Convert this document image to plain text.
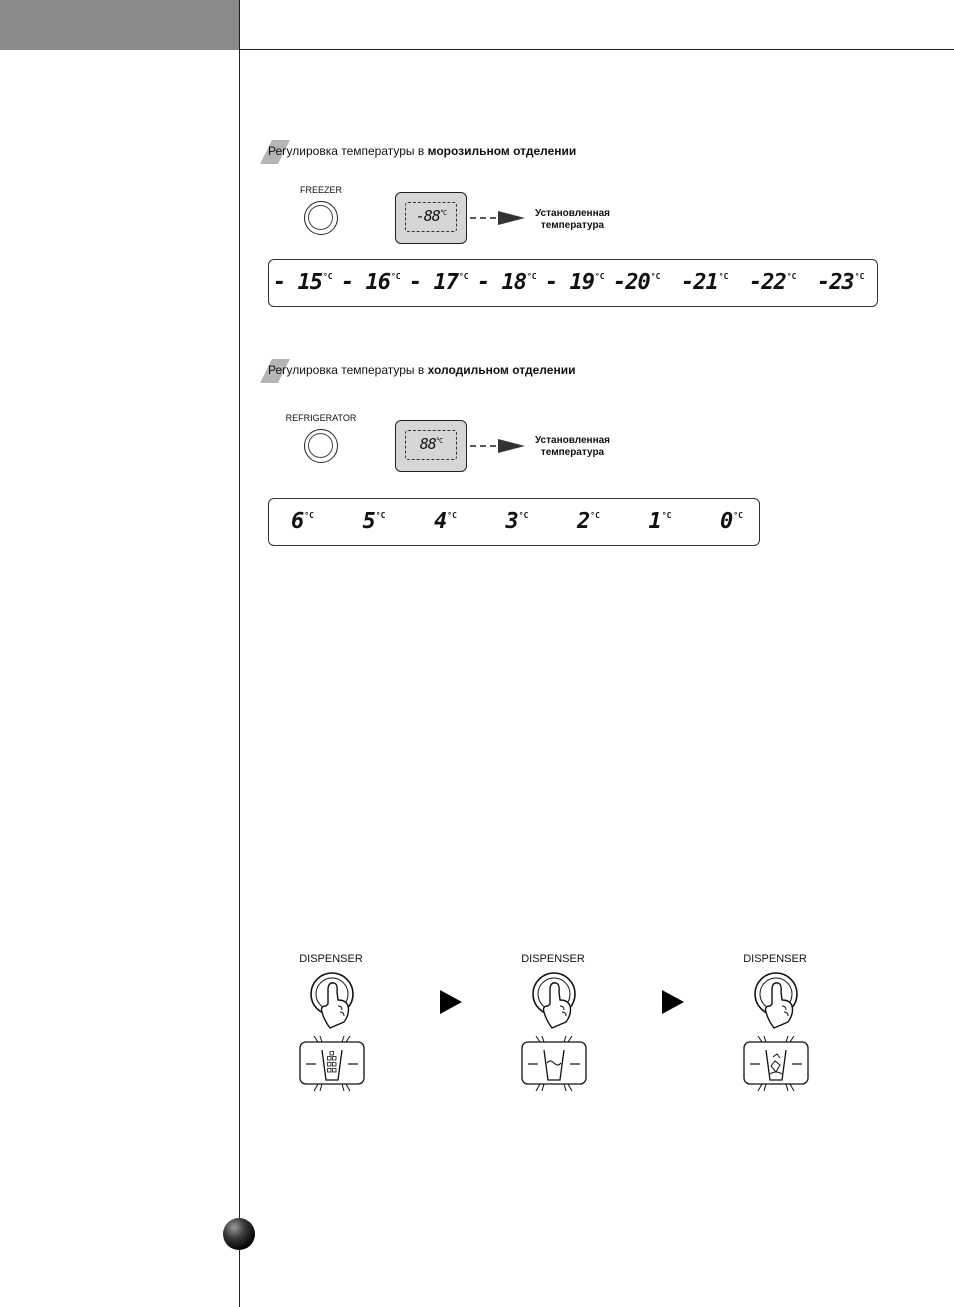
Регулировка температуры в морозильном отделении
FREEZER
$-88^{^\circ C}$	Установленная
температура
- $15^{^\circ C} - 16^{^\circ C} - 17^{^\circ C} - 18^{^\circ C} - 19^{^\circ C}$ $-20^{^\circ C}$ $-21^{^\circ C}$ $-22^{^\circ C}$ $-23^{^\circ C}$
Регулировка температуры в холодильном отделении
REFRIGERATOR
$88^{^\circ C}$	Установленная
температура
$6^{^\circ C}$ $5^{^\circ C}$ $4^{^\circ C}$ $3^{^\circ C}$ $2^{^\circ C}$ $1^{^\circ C}$ $0^{^\circ C}$
DISPENSER	DISPENSER	DISPENSER
